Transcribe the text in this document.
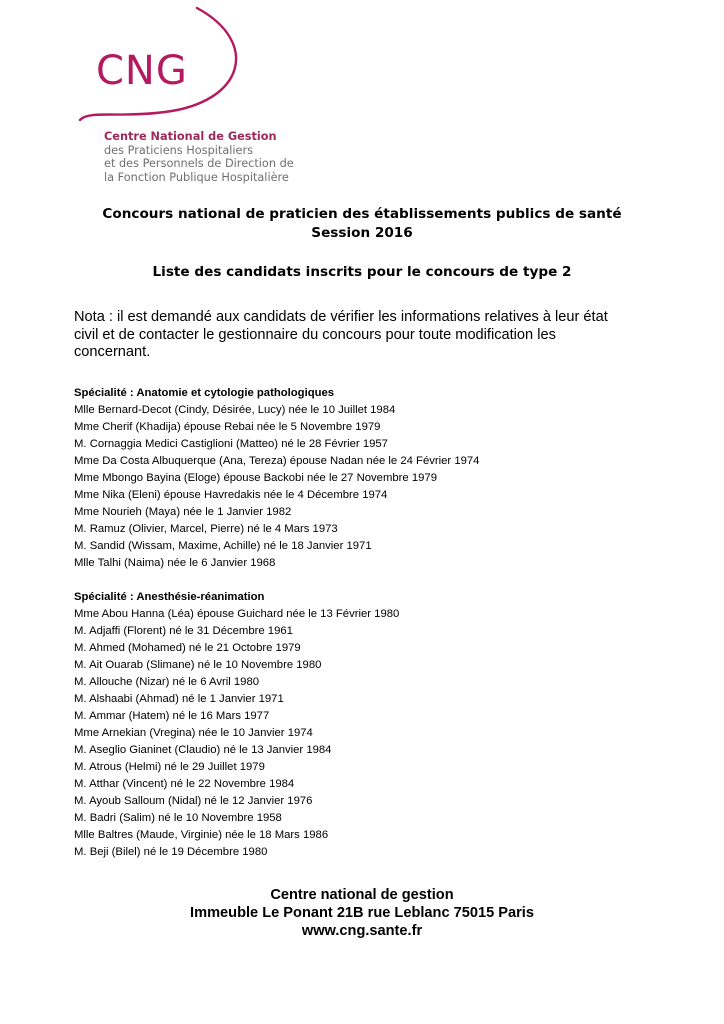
CNG
Centre National de Gestion
des Praticiens Hospitaliers
et des Personnels de Direction de
la Fonction Publique Hospitalière
Concours national de praticien des établissements publics de santé
Session 2016
Liste des candidats inscrits pour le concours de type 2
Nota : il est demandé aux candidats de vérifier les informations relatives à leur état civil et de contacter le gestionnaire du concours pour toute modification les concernant.
Spécialité : Anatomie et cytologie pathologiques
Mlle Bernard-Decot (Cindy, Désirée, Lucy) née le 10 Juillet 1984
Mme Cherif (Khadija) épouse Rebai née le 5 Novembre 1979
M. Cornaggia Medici Castiglioni (Matteo) né le 28 Février 1957
Mme Da Costa Albuquerque (Ana, Tereza) épouse Nadan née le 24 Février 1974
Mme Mbongo Bayina (Eloge) épouse Backobi née le 27 Novembre 1979
Mme Nika (Eleni) épouse Havredakis née le 4 Décembre 1974
Mme Nourieh (Maya) née le 1 Janvier 1982
M. Ramuz (Olivier, Marcel, Pierre) né le 4 Mars 1973
M. Sandid (Wissam, Maxime, Achille) né le 18 Janvier 1971
Mlle Talhi (Naima) née le 6 Janvier 1968
Spécialité : Anesthésie-réanimation
Mme Abou Hanna (Léa) épouse Guichard née le 13 Février 1980
M. Adjaffi (Florent) né le 31 Décembre 1961
M. Ahmed (Mohamed) né le 21 Octobre 1979
M. Ait Ouarab (Slimane) né le 10 Novembre 1980
M. Allouche (Nizar) né le 6 Avril 1980
M. Alshaabi (Ahmad) né le 1 Janvier 1971
M. Ammar (Hatem) né le 16 Mars 1977
Mme Arnekian (Vregina) née le 10 Janvier 1974
M. Aseglio Gianinet (Claudio) né le 13 Janvier 1984
M. Atrous (Helmi) né le 29 Juillet 1979
M. Atthar (Vincent) né le 22 Novembre 1984
M. Ayoub Salloum (Nidal) né le 12 Janvier 1976
M. Badri (Salim) né le 10 Novembre 1958
Mlle Baltres (Maude, Virginie) née le 18 Mars 1986
M. Beji (Bilel) né le 19 Décembre 1980
Centre national de gestion
Immeuble Le Ponant 21B rue Leblanc 75015 Paris
www.cng.sante.fr
